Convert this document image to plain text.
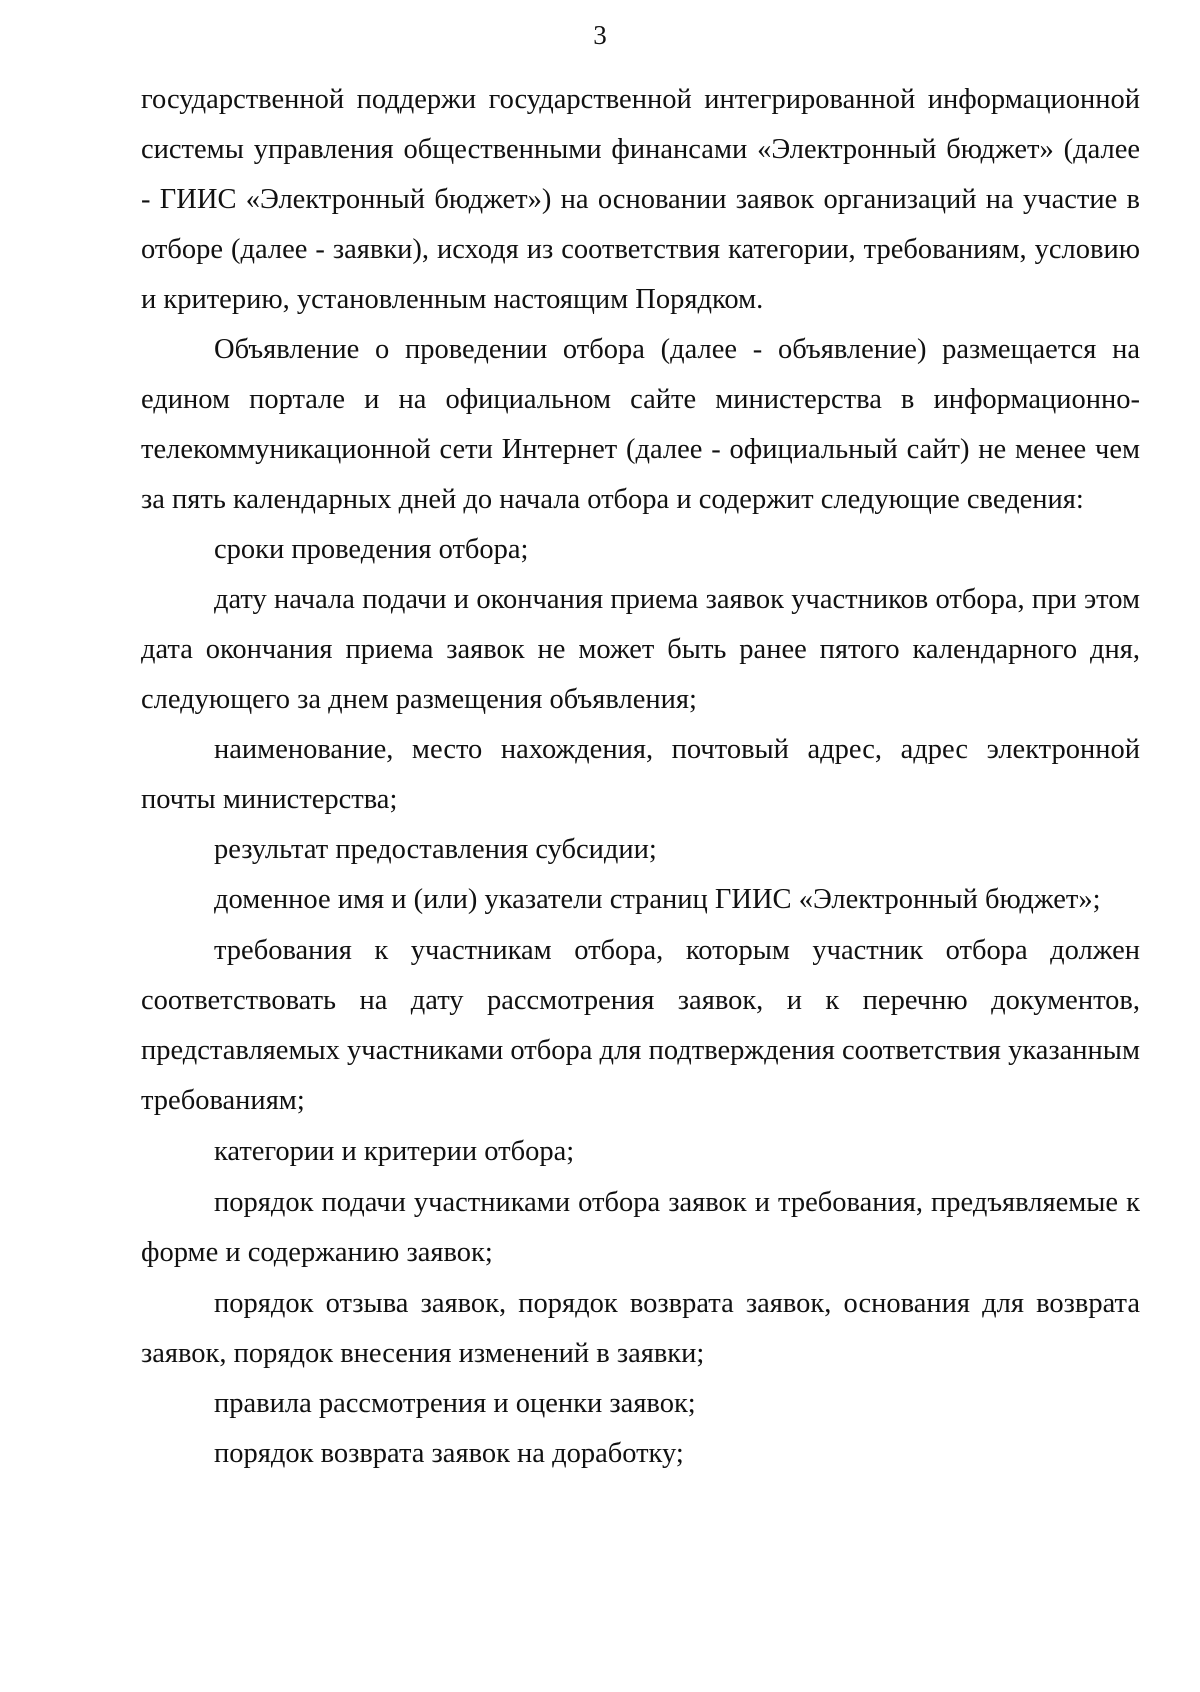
3

государственной поддержи государственной интегрированной информационной системы управления общественными финансами «Электронный бюджет» (далее - ГИИС «Электронный бюджет») на основании заявок организаций на участие в отборе (далее - заявки), исходя из соответствия категории, требованиям, условию и критерию, установленным настоящим Порядком.

Объявление о проведении отбора (далее - объявление) размещается на едином портале и на официальном сайте министерства в информационно-телекоммуникационной сети Интернет (далее - официальный сайт) не менее чем за пять календарных дней до начала отбора и содержит следующие сведения:

сроки проведения отбора;

дату начала подачи и окончания приема заявок участников отбора, при этом дата окончания приема заявок не может быть ранее пятого календарного дня, следующего за днем размещения объявления;

наименование, место нахождения, почтовый адрес, адрес электронной почты министерства;

результат предоставления субсидии;

доменное имя и (или) указатели страниц ГИИС «Электронный бюджет»;

требования к участникам отбора, которым участник отбора должен соответствовать на дату рассмотрения заявок, и к перечню документов, представляемых участниками отбора для подтверждения соответствия указанным требованиям;

категории и критерии отбора;

порядок подачи участниками отбора заявок и требования, предъявляемые к форме и содержанию заявок;

порядок отзыва заявок, порядок возврата заявок, основания для возврата заявок, порядок внесения изменений в заявки;

правила рассмотрения и оценки заявок;

порядок возврата заявок на доработку;
